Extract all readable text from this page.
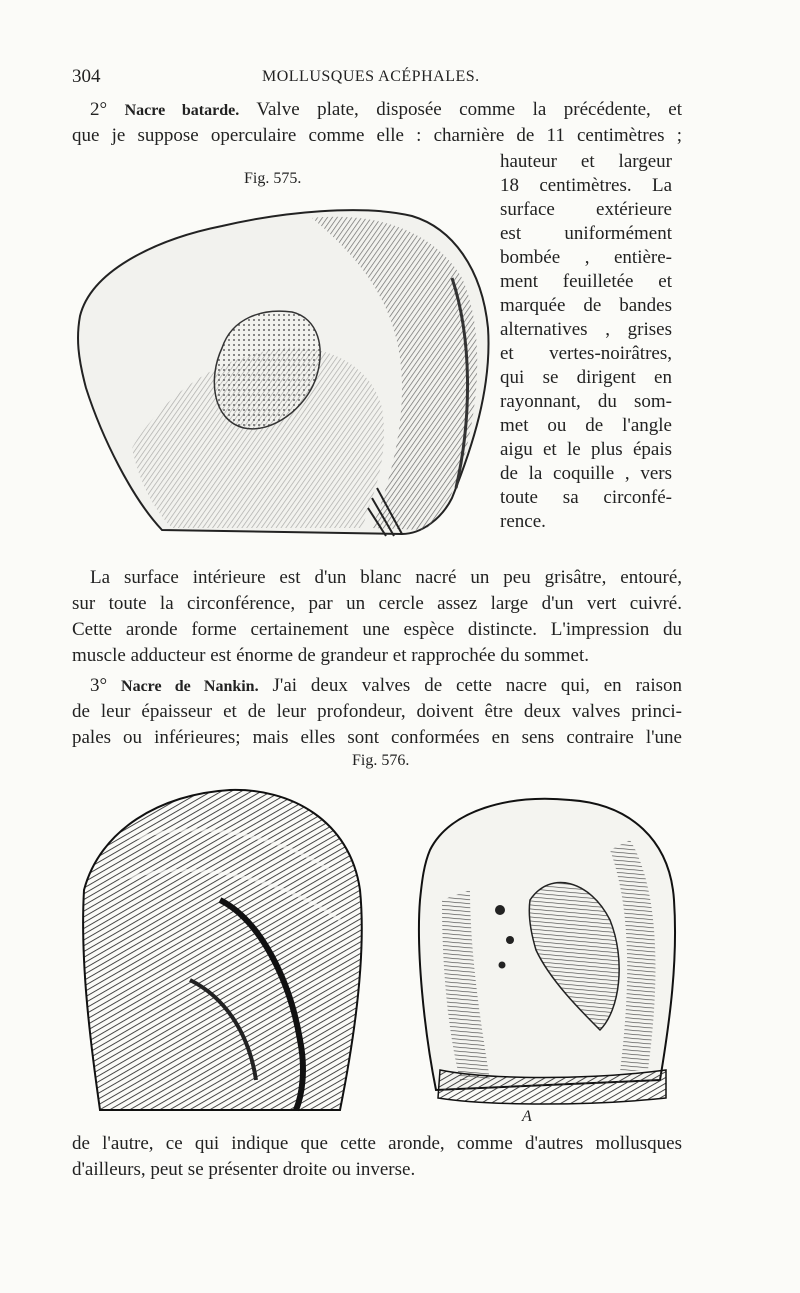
304	MOLLUSQUES ACÉPHALES.
2° Nacre batarde. Valve plate, disposée comme la précédente, et
que je suppose operculaire comme elle : charnière de 11 centimètres ;
Fig. 575.
hauteur et largeur
18 centimètres. La
surface extérieure
est uniformément
bombée , entière-
ment feuilletée et
marquée de bandes
alternatives , grises
et vertes-noirâtres,
qui se dirigent en
rayonnant, du som-
met ou de l'angle
aigu et le plus épais
de la coquille , vers
toute sa circonfé-
rence.
La surface intérieure est d'un blanc nacré un peu grisâtre, entouré,
sur toute la circonférence, par un cercle assez large d'un vert cuivré.
Cette aronde forme certainement une espèce distincte. L'impression du
muscle adducteur est énorme de grandeur et rapprochée du sommet.
3° Nacre de Nankin. J'ai deux valves de cette nacre qui, en raison
de leur épaisseur et de leur profondeur, doivent être deux valves princi-
pales ou inférieures; mais elles sont conformées en sens contraire l'une
Fig. 576.
A
de l'autre, ce qui indique que cette aronde, comme d'autres mollusques
d'ailleurs, peut se présenter droite ou inverse.
